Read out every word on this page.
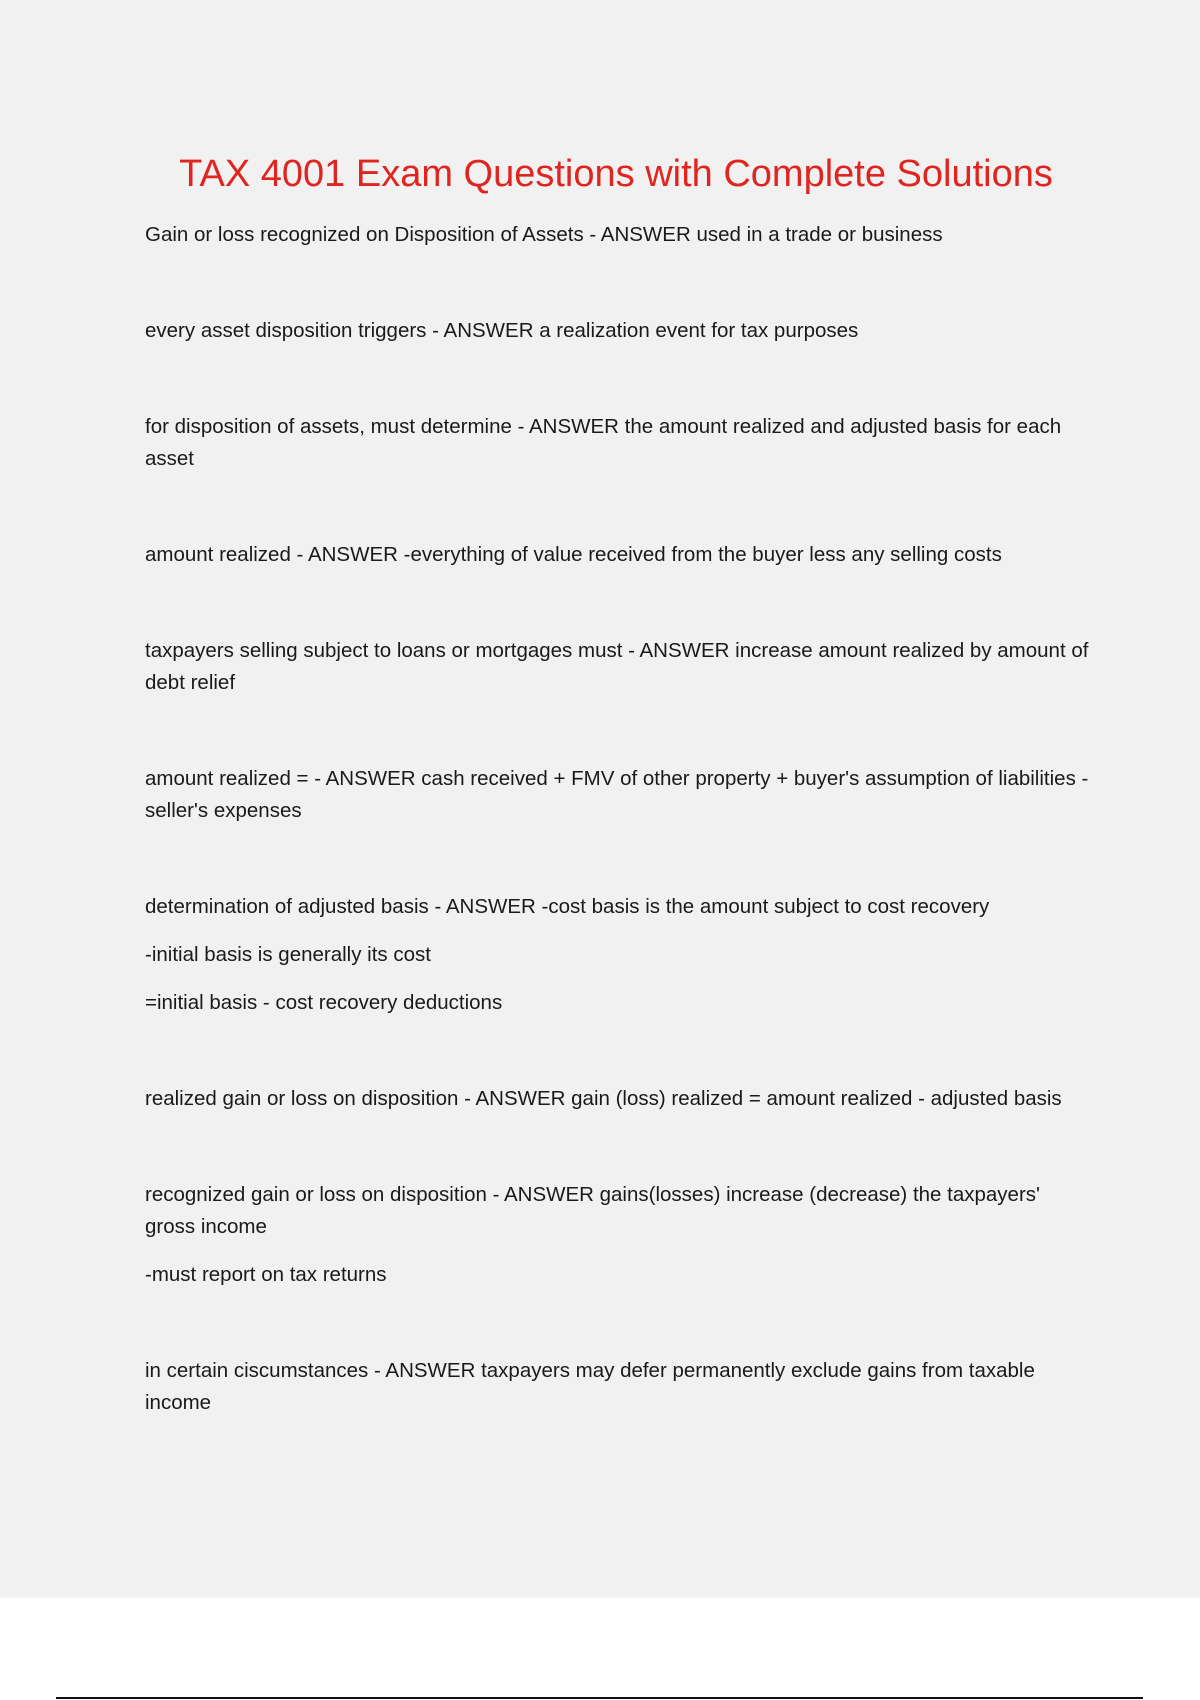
TAX 4001 Exam Questions with Complete Solutions

Gain or loss recognized on Disposition of Assets - ANSWER used in a trade or business

every asset disposition triggers - ANSWER a realization event for tax purposes

for disposition of assets, must determine - ANSWER the amount realized and adjusted basis for each asset

amount realized - ANSWER -everything of value received from the buyer less any selling costs

taxpayers selling subject to loans or mortgages must - ANSWER increase amount realized by amount of debt relief

amount realized = - ANSWER cash received + FMV of other property + buyer's assumption of liabilities - seller's expenses

determination of adjusted basis - ANSWER -cost basis is the amount subject to cost recovery

-initial basis is generally its cost

=initial basis - cost recovery deductions

realized gain or loss on disposition - ANSWER gain (loss) realized = amount realized - adjusted basis

recognized gain or loss on disposition - ANSWER gains(losses) increase (decrease) the taxpayers' gross income

-must report on tax returns

in certain ciscumstances - ANSWER taxpayers may defer permanently exclude gains from taxable income
